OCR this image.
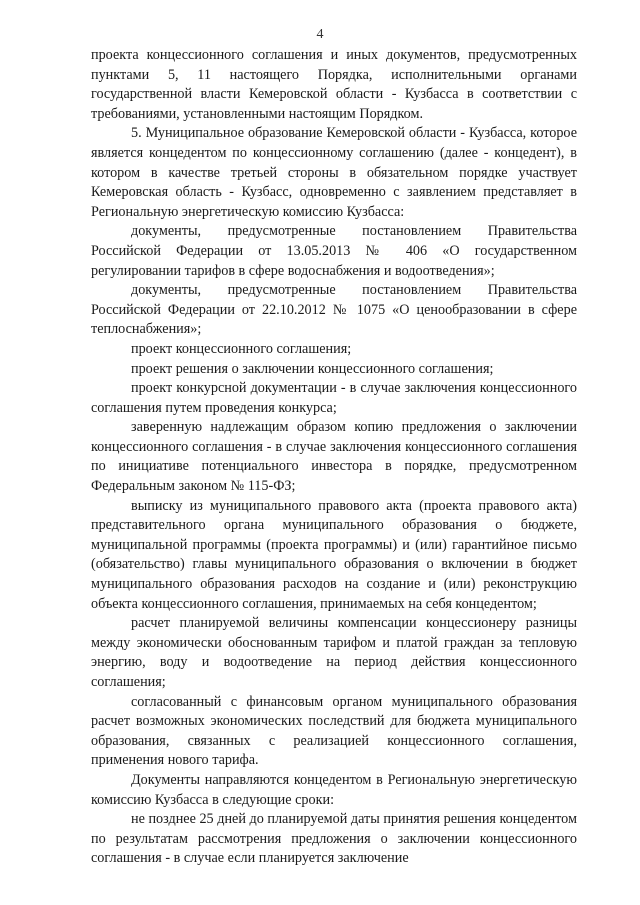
4

проекта концессионного соглашения и иных документов, предусмотренных пунктами 5, 11 настоящего Порядка, исполнительными органами государственной власти Кемеровской области - Кузбасса в соответствии с требованиями, установленными настоящим Порядком.

5. Муниципальное образование Кемеровской области - Кузбасса, которое является концедентом по концессионному соглашению (далее - концедент), в котором в качестве третьей стороны в обязательном порядке участвует Кемеровская область - Кузбасс, одновременно с заявлением представляет в Региональную энергетическую комиссию Кузбасса:

документы, предусмотренные постановлением Правительства Российской Федерации от 13.05.2013 № 406 «О государственном регулировании тарифов в сфере водоснабжения и водоотведения»;

документы, предусмотренные постановлением Правительства Российской Федерации от 22.10.2012 № 1075 «О ценообразовании в сфере теплоснабжения»;

проект концессионного соглашения;

проект решения о заключении концессионного соглашения;

проект конкурсной документации - в случае заключения концессионного соглашения путем проведения конкурса;

заверенную надлежащим образом копию предложения о заключении концессионного соглашения - в случае заключения концессионного соглашения по инициативе потенциального инвестора в порядке, предусмотренном Федеральным законом № 115-ФЗ;

выписку из муниципального правового акта (проекта правового акта) представительного органа муниципального образования о бюджете, муниципальной программы (проекта программы) и (или) гарантийное письмо (обязательство) главы муниципального образования о включении в бюджет муниципального образования расходов на создание и (или) реконструкцию объекта концессионного соглашения, принимаемых на себя концедентом;

расчет планируемой величины компенсации концессионеру разницы между экономически обоснованным тарифом и платой граждан за тепловую энергию, воду и водоотведение на период действия концессионного соглашения;

согласованный с финансовым органом муниципального образования расчет возможных экономических последствий для бюджета муниципального образования, связанных с реализацией концессионного соглашения, применения нового тарифа.

Документы направляются концедентом в Региональную энергетическую комиссию Кузбасса в следующие сроки:

не позднее 25 дней до планируемой даты принятия решения концедентом по результатам рассмотрения предложения о заключении концессионного соглашения - в случае если планируется заключение
